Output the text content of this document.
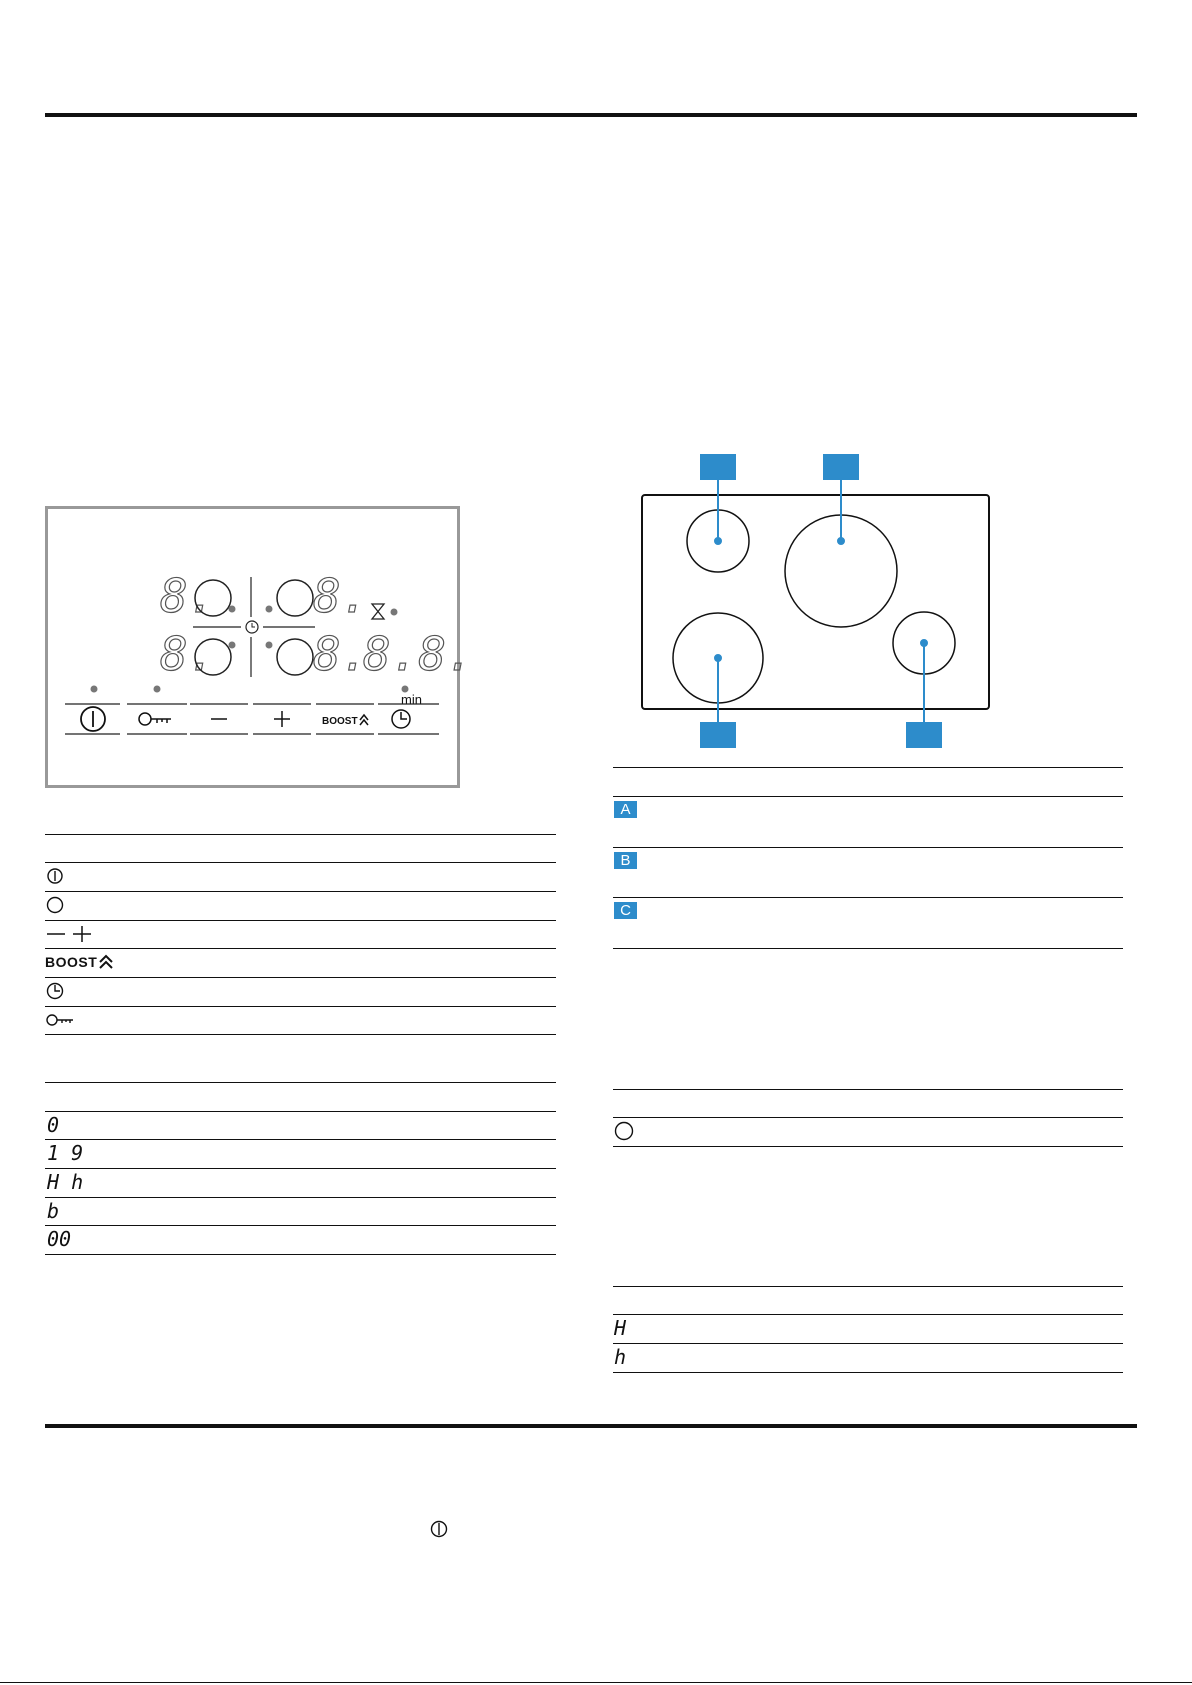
8.
8.
8.
8.
8.8.
min
BOOST
BOOST
0
1 9
H h
b
00
A
B
C
H
h
